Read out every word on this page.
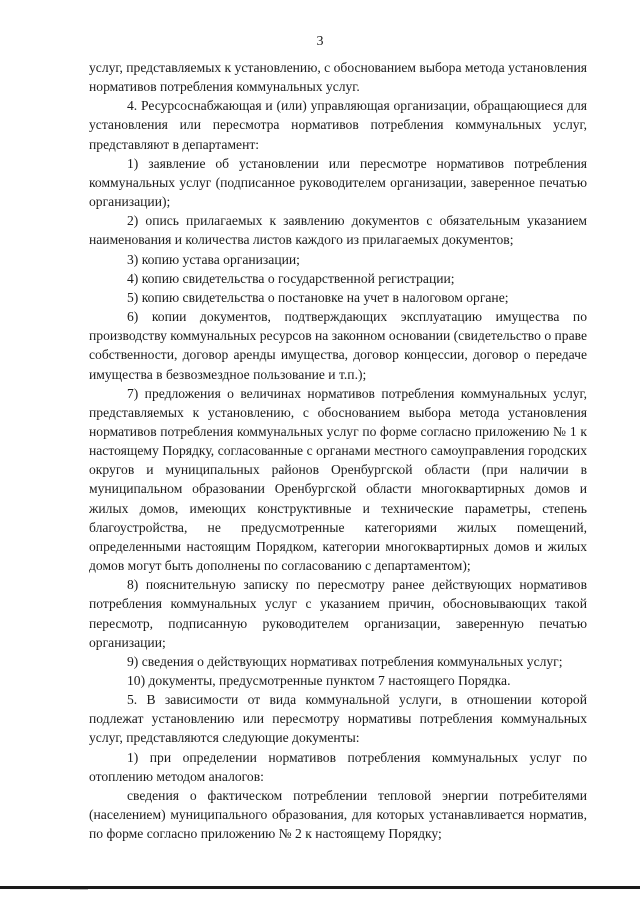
3

услуг, представляемых к установлению, с обоснованием выбора метода установления нормативов потребления коммунальных услуг.

4. Ресурсоснабжающая и (или) управляющая организации, обращающиеся для установления или пересмотра нормативов потребления коммунальных услуг, представляют в департамент:

1) заявление об установлении или пересмотре нормативов потребления коммунальных услуг (подписанное руководителем организации, заверенное печатью организации);

2) опись прилагаемых к заявлению документов с обязательным указанием наименования и количества листов каждого из прилагаемых документов;

3) копию устава организации;

4) копию свидетельства о государственной регистрации;

5) копию свидетельства о постановке на учет в налоговом органе;

6) копии документов, подтверждающих эксплуатацию имущества по производству коммунальных ресурсов на законном основании (свидетельство о праве собственности, договор аренды имущества, договор концессии, договор о передаче имущества в безвозмездное пользование и т.п.);

7) предложения о величинах нормативов потребления коммунальных услуг, представляемых к установлению, с обоснованием выбора метода установления нормативов потребления коммунальных услуг по форме согласно приложению № 1 к настоящему Порядку, согласованные с органами местного самоуправления городских округов и муниципальных районов Оренбургской области (при наличии в муниципальном образовании Оренбургской области многоквартирных домов и жилых домов, имеющих конструктивные и технические параметры, степень благоустройства, не предусмотренные категориями жилых помещений, определенными настоящим Порядком, категории многоквартирных домов и жилых домов могут быть дополнены по согласованию с департаментом);

8) пояснительную записку по пересмотру ранее действующих нормативов потребления коммунальных услуг с указанием причин, обосновывающих такой пересмотр, подписанную руководителем организации, заверенную печатью организации;

9) сведения о действующих нормативах потребления коммунальных услуг;

10) документы, предусмотренные пунктом 7 настоящего Порядка.

5. В зависимости от вида коммунальной услуги, в отношении которой подлежат установлению или пересмотру нормативы потребления коммунальных услуг, представляются следующие документы:

1) при определении нормативов потребления коммунальных услуг по отоплению методом аналогов:

сведения о фактическом потреблении тепловой энергии потребителями (населением) муниципального образования, для которых устанавливается норматив, по форме согласно приложению № 2 к настоящему Порядку;
